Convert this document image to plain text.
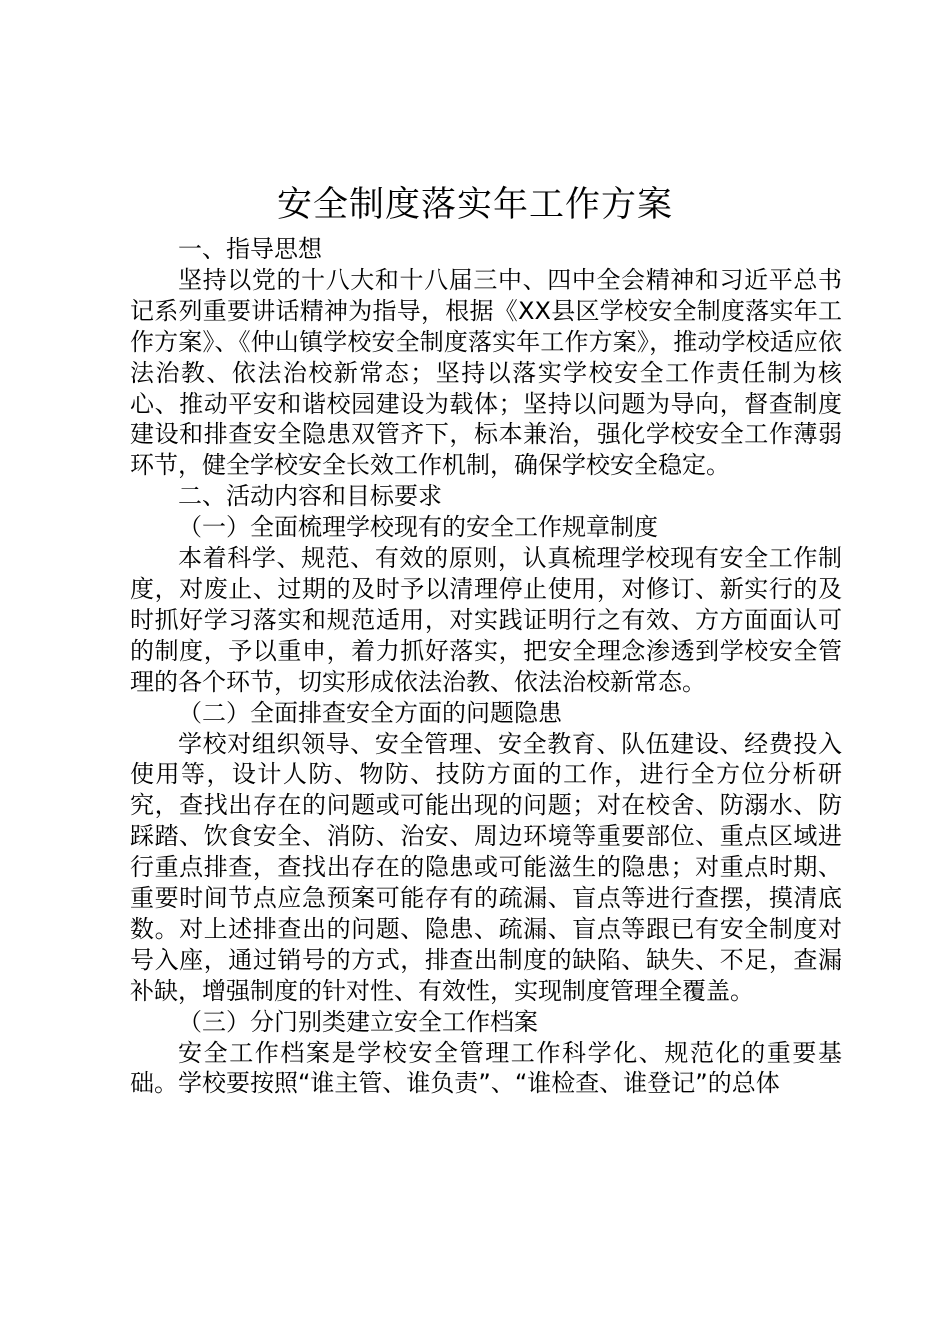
安全制度落实年工作方案

一、指导思想

坚持以党的十八大和十八届三中、四中全会精神和习近平总书记系列重要讲话精神为指导，根据《XX县区学校安全制度落实年工作方案》、《仲山镇学校安全制度落实年工作方案》，推动学校适应依法治教、依法治校新常态；坚持以落实学校安全工作责任制为核心、推动平安和谐校园建设为载体；坚持以问题为导向，督查制度建设和排查安全隐患双管齐下，标本兼治，强化学校安全工作薄弱环节，健全学校安全长效工作机制，确保学校安全稳定。

二、活动内容和目标要求

（一）全面梳理学校现有的安全工作规章制度

本着科学、规范、有效的原则，认真梳理学校现有安全工作制度，对废止、过期的及时予以清理停止使用，对修订、新实行的及时抓好学习落实和规范适用，对实践证明行之有效、方方面面认可的制度，予以重申，着力抓好落实，把安全理念渗透到学校安全管理的各个环节，切实形成依法治教、依法治校新常态。

（二）全面排查安全方面的问题隐患

学校对组织领导、安全管理、安全教育、队伍建设、经费投入使用等，设计人防、物防、技防方面的工作，进行全方位分析研究，查找出存在的问题或可能出现的问题；对在校舍、防溺水、防踩踏、饮食安全、消防、治安、周边环境等重要部位、重点区域进行重点排查，查找出存在的隐患或可能滋生的隐患；对重点时期、重要时间节点应急预案可能存有的疏漏、盲点等进行查摆，摸清底数。对上述排查出的问题、隐患、疏漏、盲点等跟已有安全制度对号入座，通过销号的方式，排查出制度的缺陷、缺失、不足，查漏补缺，增强制度的针对性、有效性，实现制度管理全覆盖。

（三）分门别类建立安全工作档案

安全工作档案是学校安全管理工作科学化、规范化的重要基础。学校要按照“谁主管、谁负责”、“谁检查、谁登记”的总体
